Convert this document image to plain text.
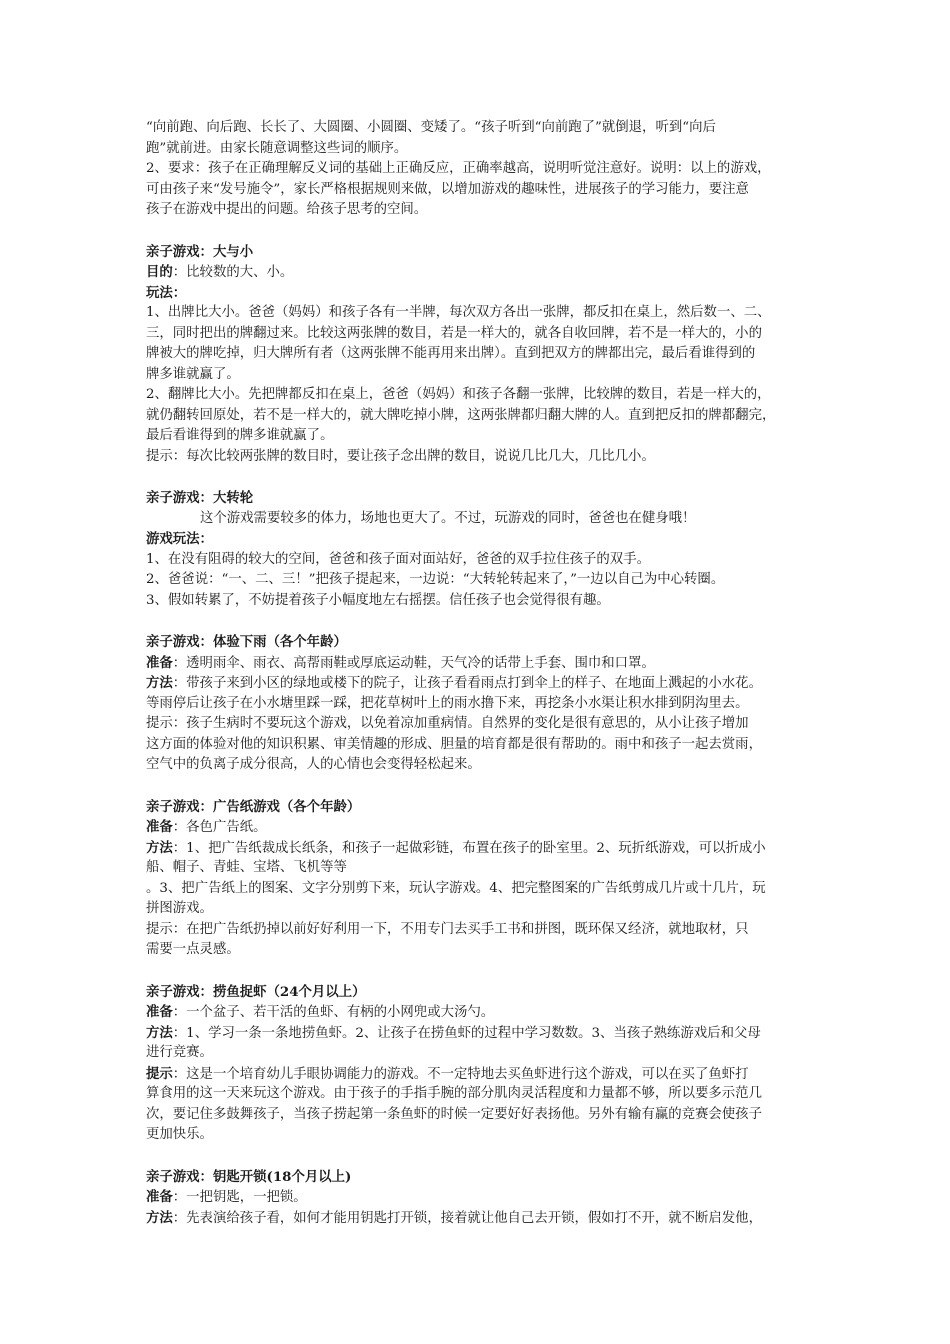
“向前跑、向后跑、长长了、大圆圈、小圆圈、变矮了。“孩子听到“向前跑了”就倒退，听到“向后
跑”就前进。由家长随意调整这些词的顺序。
2、要求：孩子在正确理解反义词的基础上正确反应，正确率越高，说明听觉注意好。说明：以上的游戏，
可由孩子来“发号施令”，家长严格根据规则来做，以增加游戏的趣味性，进展孩子的学习能力，要注意
孩子在游戏中提出的问题。给孩子思考的空间。
亲子游戏：大与小
目的：比较数的大、小。
玩法：
1、出牌比大小。爸爸（妈妈）和孩子各有一半牌，每次双方各出一张牌，都反扣在桌上，然后数一、二、
三，同时把出的牌翻过来。比较这两张牌的数目，若是一样大的，就各自收回牌，若不是一样大的，小的
牌被大的牌吃掉，归大牌所有者（这两张牌不能再用来出牌）。直到把双方的牌都出完，最后看谁得到的
牌多谁就赢了。
2、翻牌比大小。先把牌都反扣在桌上，爸爸（妈妈）和孩子各翻一张牌，比较牌的数目，若是一样大的，
就仍翻转回原处，若不是一样大的，就大牌吃掉小牌，这两张牌都归翻大牌的人。直到把反扣的牌都翻完，
最后看谁得到的牌多谁就赢了。
提示：每次比较两张牌的数目时，要让孩子念出牌的数目，说说几比几大，几比几小。
亲子游戏：大转轮
这个游戏需要较多的体力，场地也更大了。不过，玩游戏的同时，爸爸也在健身哦！
游戏玩法：
1、在没有阻碍的较大的空间，爸爸和孩子面对面站好，爸爸的双手拉住孩子的双手。
2、爸爸说：“一、二、三！”把孩子提起来，一边说：“大转轮转起来了，”一边以自己为中心转圈。
3、假如转累了，不妨提着孩子小幅度地左右摇摆。信任孩子也会觉得很有趣。
亲子游戏：体验下雨（各个年龄）
准备：透明雨伞、雨衣、高帮雨鞋或厚底运动鞋，天气冷的话带上手套、围巾和口罩。
方法：带孩子来到小区的绿地或楼下的院子，让孩子看看雨点打到伞上的样子、在地面上溅起的小水花。
等雨停后让孩子在小水塘里踩一踩，把花草树叶上的雨水撸下来，再挖条小水渠让积水排到阴沟里去。
提示：孩子生病时不要玩这个游戏，以免着凉加重病情。自然界的变化是很有意思的，从小让孩子增加
这方面的体验对他的知识积累、审美情趣的形成、胆量的培育都是很有帮助的。雨中和孩子一起去赏雨，
空气中的负离子成分很高，人的心情也会变得轻松起来。
亲子游戏：广告纸游戏（各个年龄）
准备：各色广告纸。
方法：1、把广告纸裁成长纸条，和孩子一起做彩链，布置在孩子的卧室里。2、玩折纸游戏，可以折成小
船、帽子、青蛙、宝塔、飞机等等
。3、把广告纸上的图案、文字分别剪下来，玩认字游戏。4、把完整图案的广告纸剪成几片或十几片，玩
拼图游戏。
提示：在把广告纸扔掉以前好好利用一下，不用专门去买手工书和拼图，既环保又经济，就地取材，只
需要一点灵感。
亲子游戏：捞鱼捉虾（24个月以上）
准备：一个盆子、若干活的鱼虾、有柄的小网兜或大汤勺。
方法：1、学习一条一条地捞鱼虾。2、让孩子在捞鱼虾的过程中学习数数。3、当孩子熟练游戏后和父母
进行竞赛。
提示：这是一个培育幼儿手眼协调能力的游戏。不一定特地去买鱼虾进行这个游戏，可以在买了鱼虾打
算食用的这一天来玩这个游戏。由于孩子的手指手腕的部分肌肉灵活程度和力量都不够，所以要多示范几
次，要记住多鼓舞孩子，当孩子捞起第一条鱼虾的时候一定要好好表扬他。另外有输有赢的竞赛会使孩子
更加快乐。
亲子游戏：钥匙开锁(18个月以上)
准备：一把钥匙，一把锁。
方法：先表演给孩子看，如何才能用钥匙打开锁，接着就让他自己去开锁，假如打不开，就不断启发他，
